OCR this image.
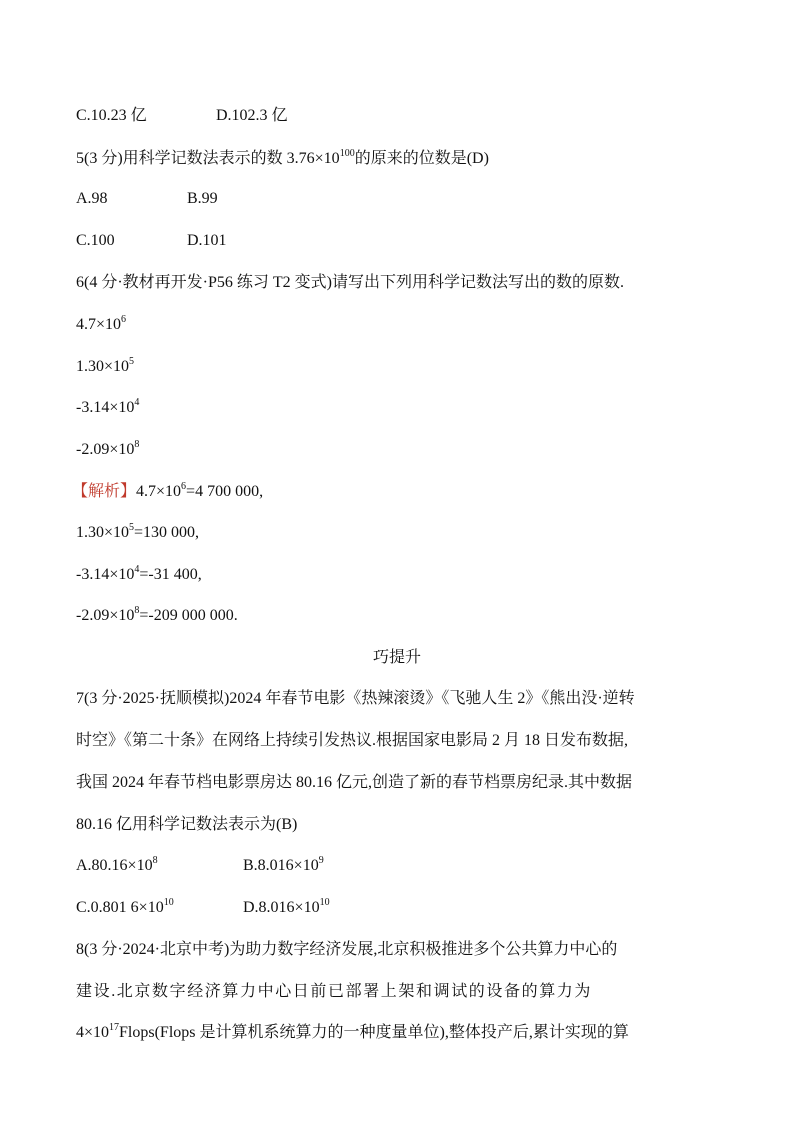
C.10.23 亿	D.102.3 亿
5(3 分)用科学记数法表示的数 $3.76\times 10^{100}$的原来的位数是(D)
A.98	B.99
C.100	D.101
6(4 分·教材再开发·P56 练习 T2 变式)请写出下列用科学记数法写出的数的原数.
$4.7\times 10^6$
$1.30\times 10^5$
$-3.14\times 10^4$
$-2.09\times 10^8$
【解析】$4.7\times 10^6=4$ 700 000,
$1.30\times 10^5=130$ 000,
$-3.14\times 10^4=-31$ 400,
$-2.09\times 10^8=-209$ 000 000.
巧提升
7(3 分·2025·抚顺模拟)2024 年春节电影《热辣滚烫》《飞驰人生 2》《熊出没·逆转
时空》《第二十条》在网络上持续引发热议.根据国家电影局 2 月 18 日发布数据,
我国 2024 年春节档电影票房达 80.16 亿元,创造了新的春节档票房纪录.其中数据
80.16 亿用科学记数法表示为(B)
$A.80.16\times 10^8$	$B.8.016\times 10^9$
C.0.801 $6\times 10^{10}$	$D.8.016\times 10^{10}$
8(3 分·2024·北京中考)为助力数字经济发展,北京积极推进多个公共算力中心的
建设.北京数字经济算力中心日前已部署上架和调试的设备的算力为
$4\times 10^{17}Flops(Flops$ 是计算机系统算力的一种度量单位),整体投产后,累计实现的算
